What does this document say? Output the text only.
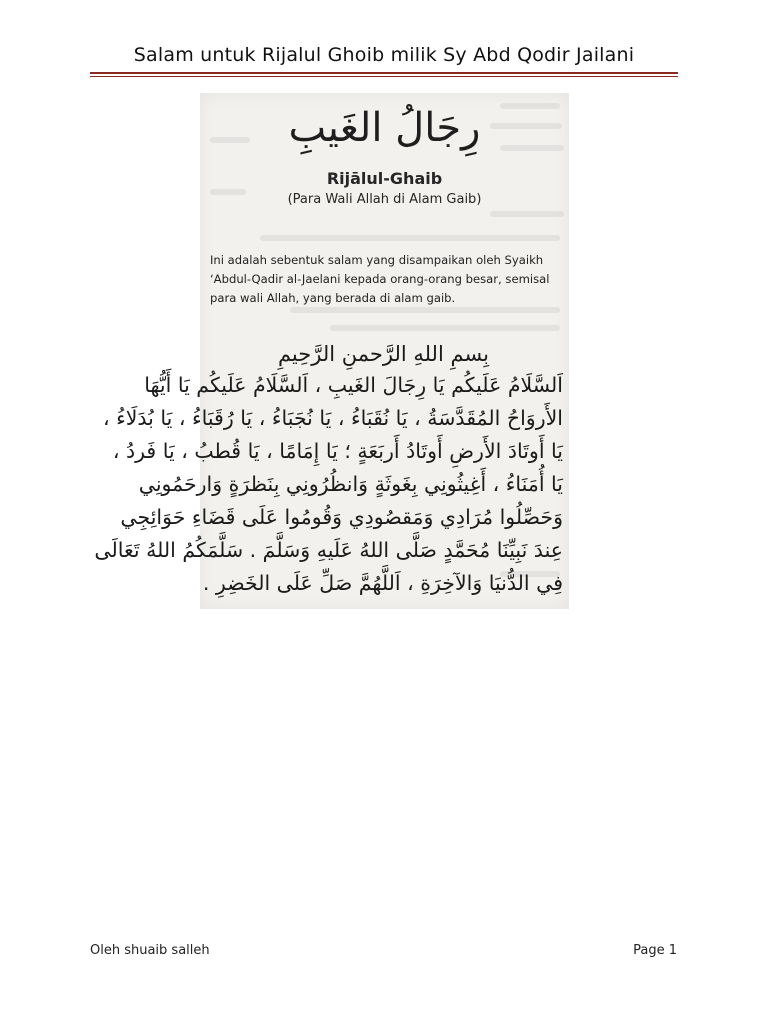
Salam untuk Rijalul Ghoib milik Sy Abd Qodir Jailani
رِجَالُ الغَيبِ
Rijālul-Ghaib
(Para Wali Allah di Alam Gaib)
Ini adalah sebentuk salam yang disampaikan oleh Syaikh
‘Abdul-Qadir al-Jaelani kepada orang-orang besar, semisal
para wali Allah, yang berada di alam gaib.
بِسمِ اللهِ الرَّحمنِ الرَّحِيمِ
اَلسَّلَامُ عَلَيكُم يَا رِجَالَ الغَيبِ ، اَلسَّلَامُ عَلَيكُم يَا أَيُّهَا
الأَروَاحُ المُقَدَّسَةُ ، يَا نُقَبَاءُ ، يَا نُجَبَاءُ ، يَا رُقَبَاءُ ، يَا بُدَلَاءُ ،
يَا أَوتَادَ الأَرضِ أَوتَادُ أَربَعَةٍ ؛ يَا إِمَامًا ، يَا قُطبُ ، يَا فَردُ ،
يَا أُمَنَاءُ ، أَغِيثُونِي بِغَوثَةٍ وَانظُرُونِي بِنَظرَةٍ وَارحَمُونِي
وَحَصِّلُوا مُرَادِي وَمَقصُودِي وَقُومُوا عَلَى قَضَاءِ حَوَائِجِي
عِندَ نَبِيِّنَا مُحَمَّدٍ صَلَّى اللهُ عَلَيهِ وَسَلَّمَ . سَلَّمَكُمُ اللهُ تَعَالَى
فِي الدُّنيَا وَالآخِرَةِ ، اَللَّهُمَّ صَلِّ عَلَى الخَضِرِ .
Oleh shuaib salleh	Page 1
